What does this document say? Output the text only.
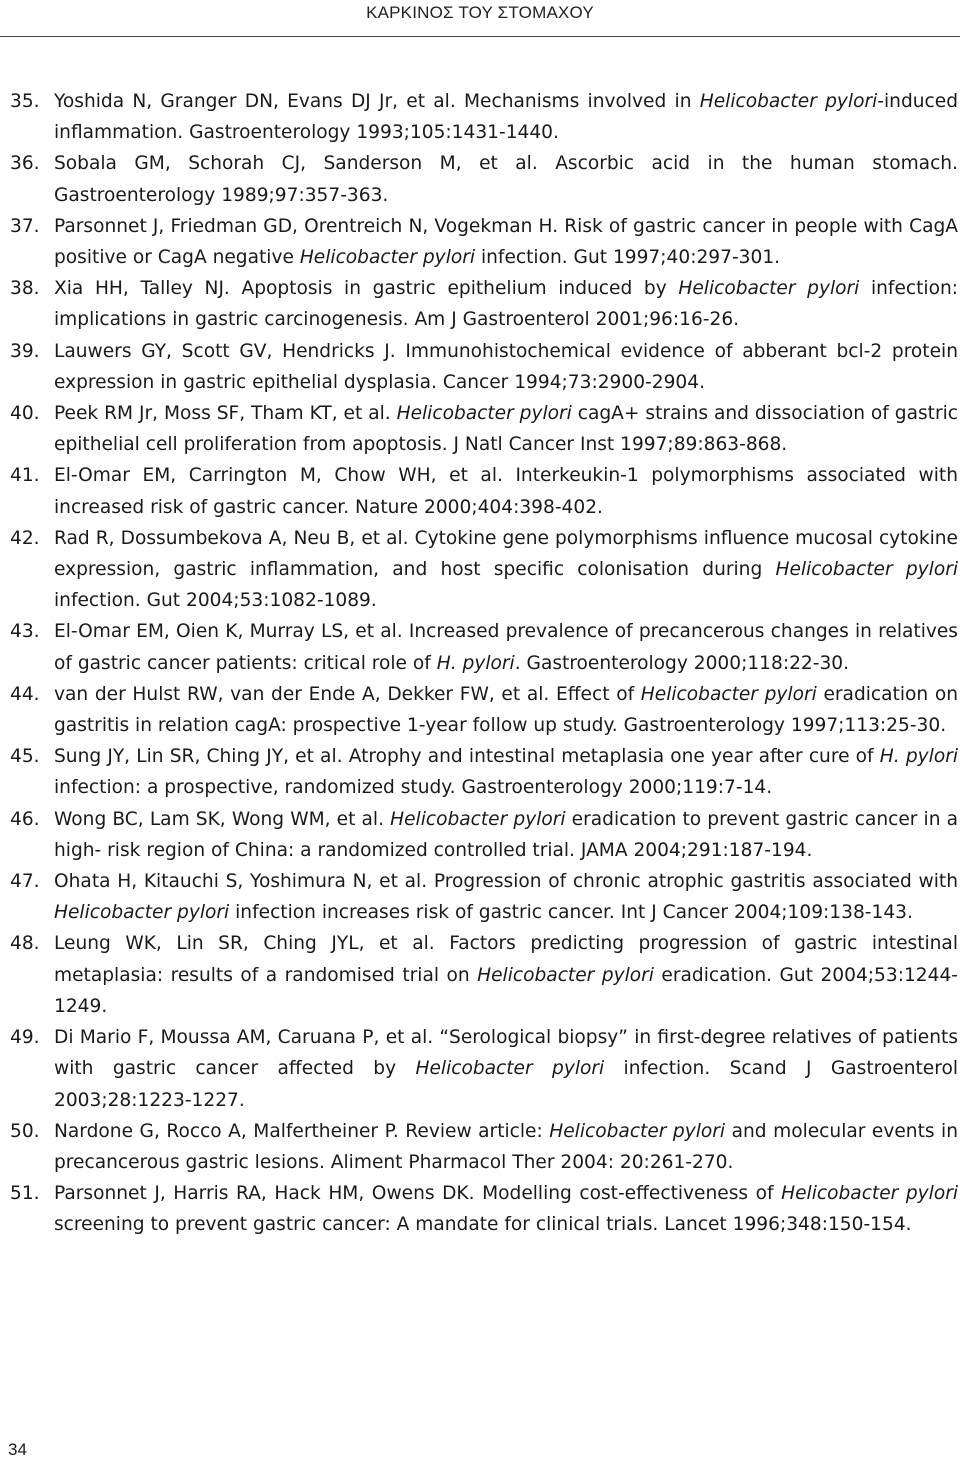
ΚΑΡΚΙΝΟΣ ΤΟΥ ΣΤΟΜΑΧΟΥ
35. Yoshida N, Granger DN, Evans DJ Jr, et al. Mechanisms involved in Helicobacter pylori-induced inflammation. Gastroenterology 1993;105:1431-1440.
36. Sobala GM, Schorah CJ, Sanderson M, et al. Ascorbic acid in the human stomach. Gastroenterology 1989;97:357-363.
37. Parsonnet J, Friedman GD, Orentreich N, Vogekman H. Risk of gastric cancer in people with CagA positive or CagA negative Helicobacter pylori infection. Gut 1997;40:297-301.
38. Xia HH, Talley NJ. Apoptosis in gastric epithelium induced by Helicobacter pylori infection: implications in gastric carcinogenesis. Am J Gastroenterol 2001;96:16-26.
39. Lauwers GY, Scott GV, Hendricks J. Immunohistochemical evidence of abberant bcl-2 protein expression in gastric epithelial dysplasia. Cancer 1994;73:2900-2904.
40. Peek RM Jr, Moss SF, Tham KT, et al. Helicobacter pylori cagA+ strains and dissociation of gastric epithelial cell proliferation from apoptosis. J Natl Cancer Inst 1997;89:863-868.
41. El-Omar EM, Carrington M, Chow WH, et al. Interkeukin-1 polymorphisms associated with increased risk of gastric cancer. Nature 2000;404:398-402.
42. Rad R, Dossumbekova A, Neu B, et al. Cytokine gene polymorphisms influence mucosal cytokine expression, gastric inflammation, and host specific colonisation during Helicobacter pylori infection. Gut 2004;53:1082-1089.
43. El-Omar EM, Oien K, Murray LS, et al. Increased prevalence of precancerous changes in relatives of gastric cancer patients: critical role of H. pylori. Gastroenterology 2000;118:22-30.
44. van der Hulst RW, van der Ende A, Dekker FW, et al. Effect of Helicobacter pylori eradication on gastritis in relation cagA: prospective 1-year follow up study. Gastroenterology 1997;113:25-30.
45. Sung JY, Lin SR, Ching JY, et al. Atrophy and intestinal metaplasia one year after cure of H. pylori infection: a prospective, randomized study. Gastroenterology 2000;119:7-14.
46. Wong BC, Lam SK, Wong WM, et al. Helicobacter pylori eradication to prevent gastric cancer in a high- risk region of China: a randomized controlled trial. JAMA 2004;291:187-194.
47. Ohata H, Kitauchi S, Yoshimura N, et al. Progression of chronic atrophic gastritis associated with Helicobacter pylori infection increases risk of gastric cancer. Int J Cancer 2004;109:138-143.
48. Leung WK, Lin SR, Ching JYL, et al. Factors predicting progression of gastric intestinal metaplasia: results of a randomised trial on Helicobacter pylori eradication. Gut 2004;53:1244-1249.
49. Di Mario F, Moussa AM, Caruana P, et al. “Serological biopsy” in first-degree relatives of patients with gastric cancer affected by Helicobacter pylori infection. Scand J Gastroenterol 2003;28:1223-1227.
50. Nardone G, Rocco A, Malfertheiner P. Review article: Helicobacter pylori and molecular events in precancerous gastric lesions. Aliment Pharmacol Ther 2004: 20:261-270.
51. Parsonnet J, Harris RA, Hack HM, Owens DK. Modelling cost-effectiveness of Helicobacter pylori screening to prevent gastric cancer: A mandate for clinical trials. Lancet 1996;348:150-154.
34
